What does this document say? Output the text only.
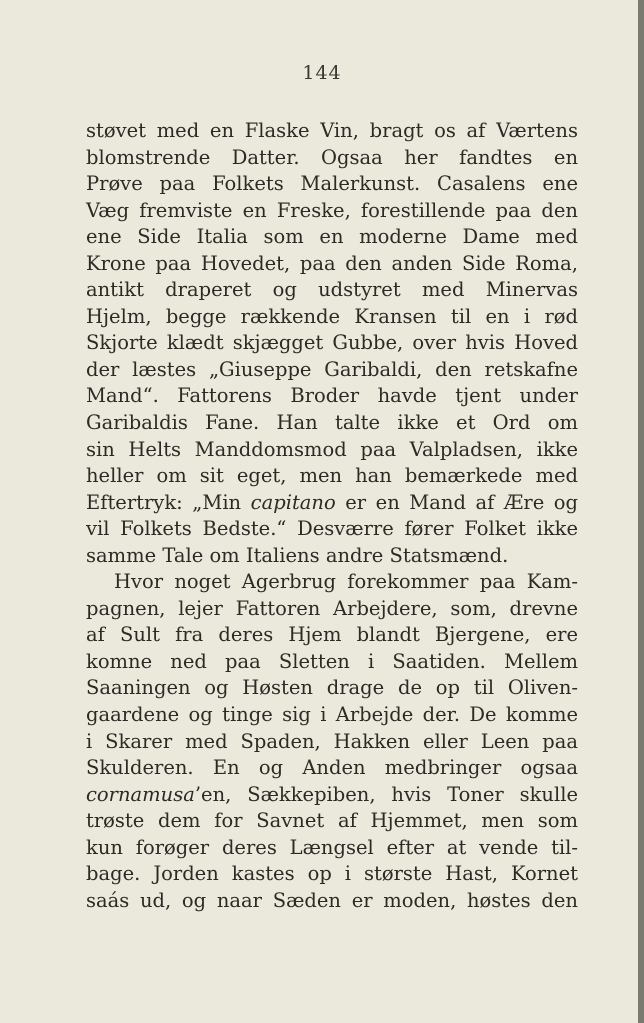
144
støvet med en Flaske Vin, bragt os af Værtens
blomstrende Datter. Ogsaa her fandtes en
Prøve paa Folkets Malerkunst. Casalens ene
Væg fremviste en Freske, forestillende paa den
ene Side Italia som en moderne Dame med
Krone paa Hovedet, paa den anden Side Roma,
antikt draperet og udstyret med Minervas
Hjelm, begge rækkende Kransen til en i rød
Skjorte klædt skjægget Gubbe, over hvis Hoved
der læstes „Giuseppe Garibaldi, den retskafne
Mand“. Fattorens Broder havde tjent under
Garibaldis Fane. Han talte ikke et Ord om
sin Helts Manddomsmod paa Valpladsen, ikke
heller om sit eget, men han bemærkede med
Eftertryk: „Min capitano er en Mand af Ære og
vil Folkets Bedste.“ Desværre fører Folket ikke
samme Tale om Italiens andre Statsmænd.
Hvor noget Agerbrug forekommer paa Kam-
pagnen, lejer Fattoren Arbejdere, som, drevne
af Sult fra deres Hjem blandt Bjergene, ere
komne ned paa Sletten i Saatiden. Mellem
Saaningen og Høsten drage de op til Oliven-
gaardene og tinge sig i Arbejde der. De komme
i Skarer med Spaden, Hakken eller Leen paa
Skulderen. En og Anden medbringer ogsaa
cornamusa’en, Sækkepiben, hvis Toner skulle
trøste dem for Savnet af Hjemmet, men som
kun forøger deres Længsel efter at vende til-
bage. Jorden kastes op i største Hast, Kornet
saás ud, og naar Sæden er moden, høstes den
